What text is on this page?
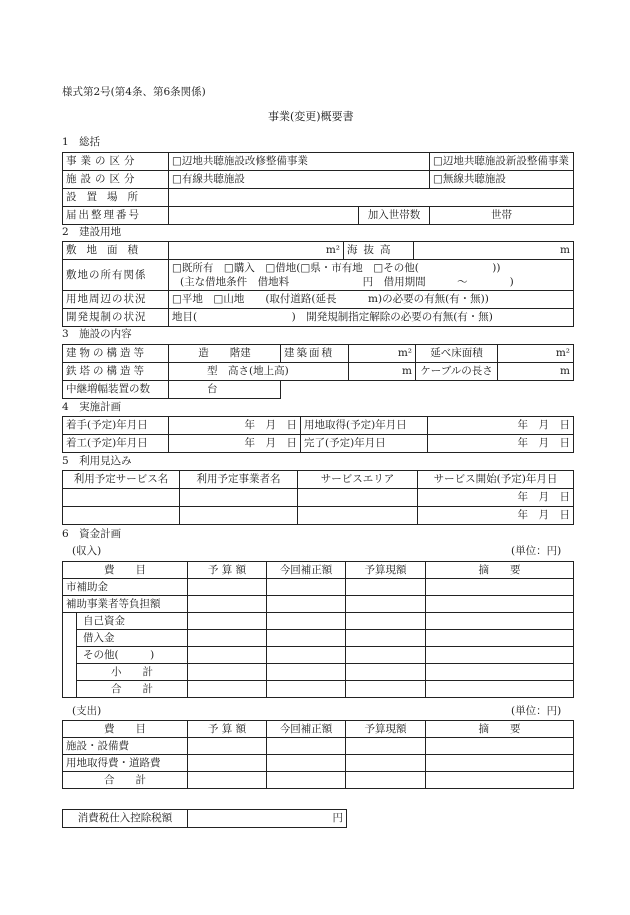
様式第2号(第4条、第6条関係)
事業(変更)概要書
1　総括
事業の区分	□辺地共聴施設改修整備事業		□辺地共聴施設新設整備事業
施設の区分	□有線共聴施設		□無線共聴施設
設置場所			
届出整理番号		加入世帯数	世帯
2　建設用地
敷地面積	m²	海抜高	m
敷地の所有関係	□既所有　□購入　□借地(□県・市有地　□その他(　　　　　　　))
(主な借地条件　借地料　　　　　　　円　借用期間　　　～　　　　)		

用地周辺の状況	□平地　□山地　　(取付道路(延長　　　m)の必要の有無(有・無))		
開発規制の状況	地目(　　　　　　　　　)　開発規制指定解除の必要の有無(有・無)		
3　施設の内容
建物の構造等	造　　階建	建築面積	m²	延べ床面積	m²
鉄塔の構造等	型　高さ(地上高)		m	ケーブルの長さ	m
中継増幅装置の数	台				
4　実施計画
着手(予定)年月日	年　月　日	用地取得(予定)年月日	年　月　日
着工(予定)年月日	年　月　日	完了(予定)年月日	年　月　日
5　利用見込み
利用予定サービス名	利用予定事業者名	サービスエリア	サービス開始(予定)年月日
			年　月　日
			年　月　日
6　資金計画
(収入)	(単位：円)
費　　目		予 算 額	今回補正額	予算現額	摘　　要
市補助金					
補助事業者等負担額					
	自己資金				
	借入金				
	その他(　　　)				
	小　　計				
	合　　計				
(支出)	(単位：円)
費　　目	予 算 額	今回補正額	予算現額	摘　　要
施設・設備費				
用地取得費・道路費				
合　　計				
消費税仕入控除税額	円
